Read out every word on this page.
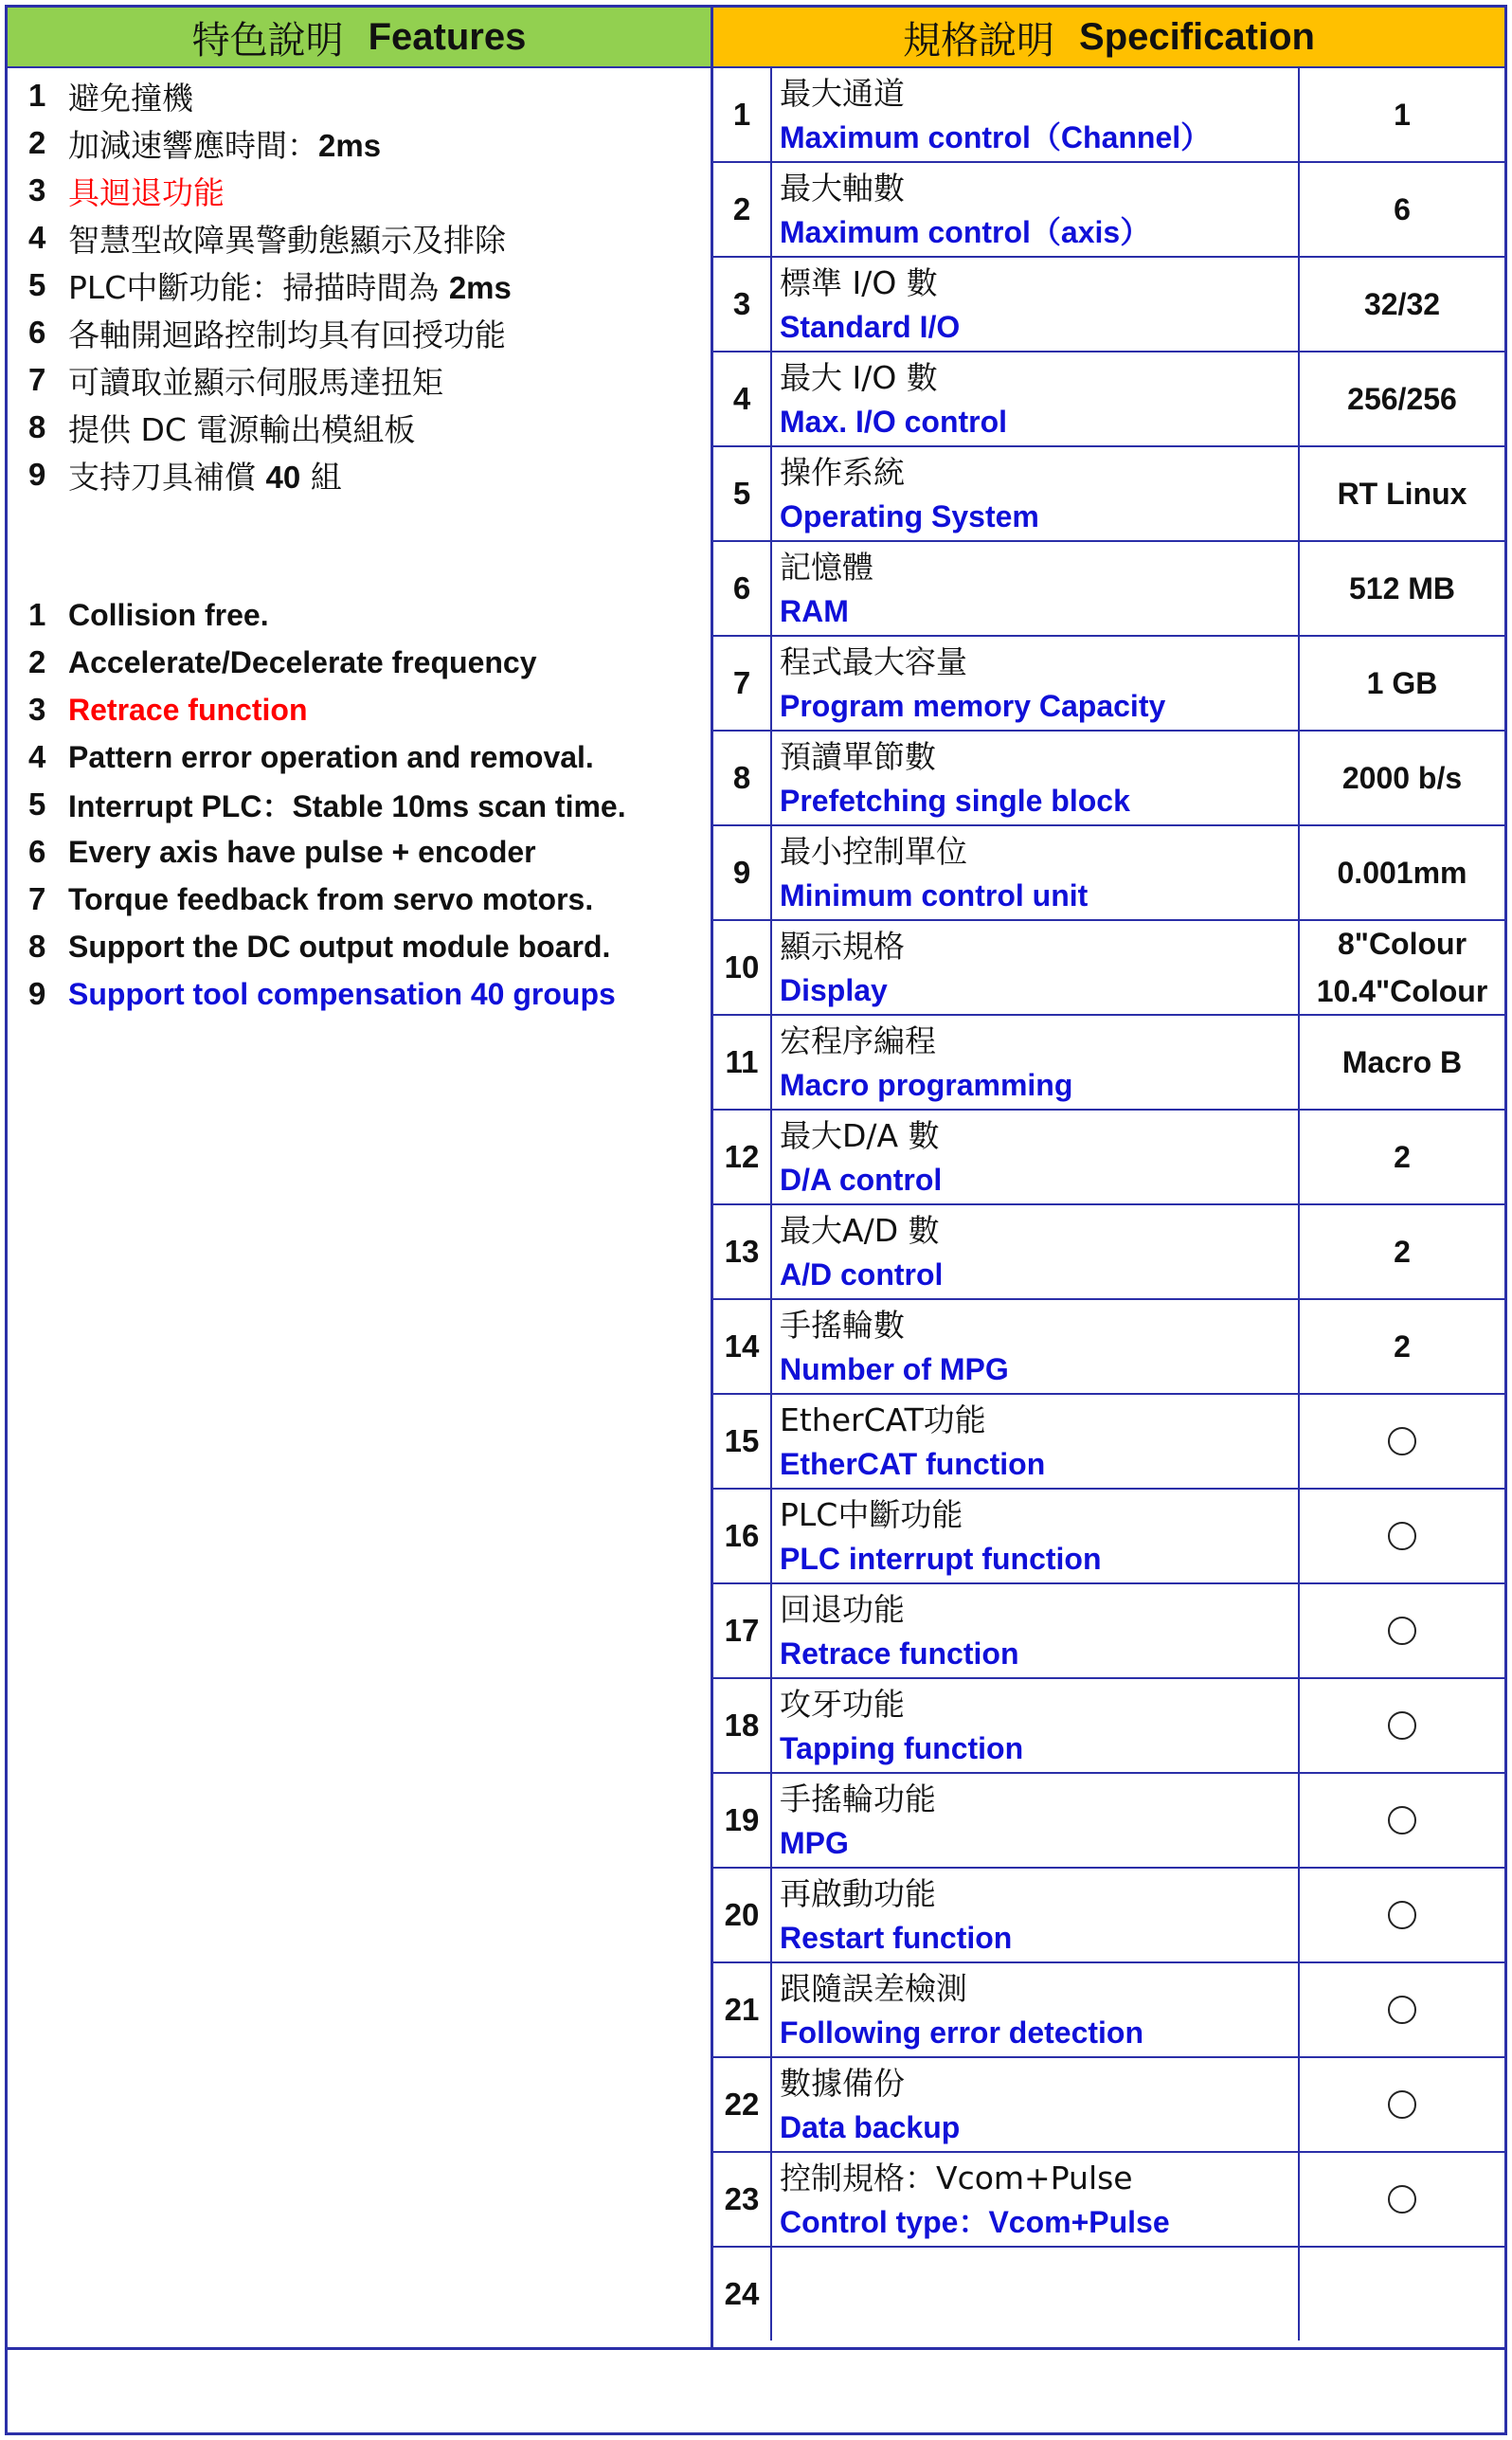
特色說明 Features	規格說明 Specification
1 避免撞機
2 加減速響應時間：2ms
3 具迴退功能
4 智慧型故障異警動態顯示及排除
5 PLC中斷功能：掃描時間為 2ms
6 各軸開迴路控制均具有回授功能
7 可讀取並顯示伺服馬達扭矩
8 提供 DC 電源輸出模組板
9 支持刀具補償 40 組
1 Collision free.
2 Accelerate/Decelerate frequency
3 Retrace function
4 Pattern error operation and removal.
5 Interrupt PLC：Stable 10ms scan time.
6 Every axis have pulse + encoder
7 Torque feedback from servo motors.
8 Support the DC output module board.
9 Support tool compensation 40 groups
1
最大通道
Maximum control（Channel）
1
2
最大軸數
Maximum control（axis）
6
3
標準 I/O 數
Standard I/O
32/32
4
最大 I/O 數
Max. I/O control
256/256
5
操作系統
Operating System
RT Linux
6
記憶體
RAM
512 MB
7
程式最大容量
Program memory Capacity
1 GB
8
預讀單節數
Prefetching single block
2000 b/s
9
最小控制單位
Minimum control unit
0.001mm
10
顯示規格
Display
8"Colour
10.4"Colour
11
宏程序編程
Macro programming
Macro B
12
最大D/A 數
D/A control
2
13
最大A/D 數
A/D control
2
14
手搖輪數
Number of MPG
2
15
EtherCAT功能
EtherCAT function
16
PLC中斷功能
PLC interrupt function
17
回退功能
Retrace function
18
攻牙功能
Tapping function
19
手搖輪功能
MPG
20
再啟動功能
Restart function
21
跟隨誤差檢測
Following error detection
22
數據備份
Data backup
23
控制規格：Vcom+Pulse
Control type：Vcom+Pulse
24
